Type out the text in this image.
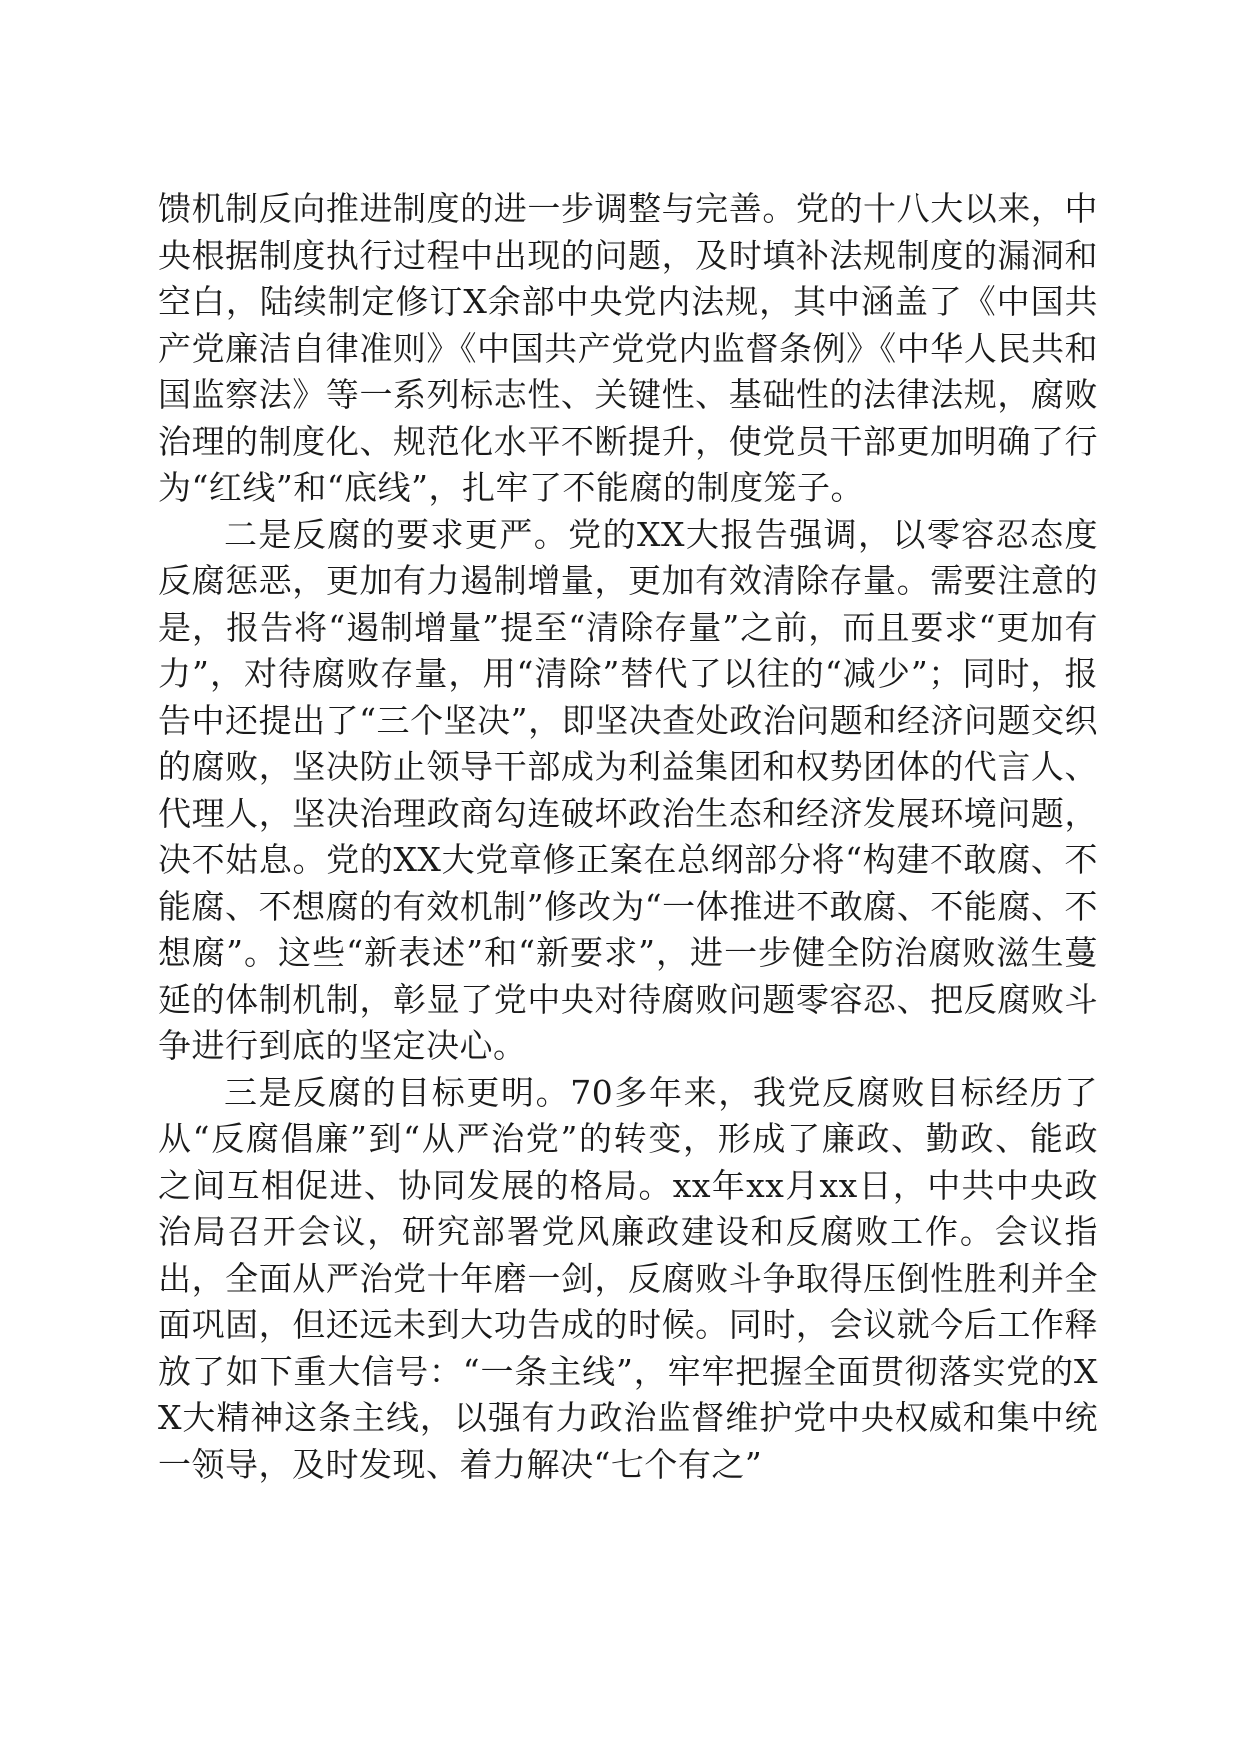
馈机制反向推进制度的进一步调整与完善。党的十八大以来，中央根据制度执行过程中出现的问题，及时填补法规制度的漏洞和空白，陆续制定修订X余部中央党内法规，其中涵盖了《中国共产党廉洁自律准则》《中国共产党党内监督条例》《中华人民共和国监察法》等一系列标志性、关键性、基础性的法律法规，腐败治理的制度化、规范化水平不断提升，使党员干部更加明确了行为“红线”和“底线”，扎牢了不能腐的制度笼子。

二是反腐的要求更严。党的XX大报告强调，以零容忍态度反腐惩恶，更加有力遏制增量，更加有效清除存量。需要注意的是，报告将“遏制增量”提至“清除存量”之前，而且要求“更加有力”，对待腐败存量，用“清除”替代了以往的“减少”；同时，报告中还提出了“三个坚决”，即坚决查处政治问题和经济问题交织的腐败，坚决防止领导干部成为利益集团和权势团体的代言人、代理人，坚决治理政商勾连破坏政治生态和经济发展环境问题，决不姑息。党的XX大党章修正案在总纲部分将“构建不敢腐、不能腐、不想腐的有效机制”修改为“一体推进不敢腐、不能腐、不想腐”。这些“新表述”和“新要求”，进一步健全防治腐败滋生蔓延的体制机制，彰显了党中央对待腐败问题零容忍、把反腐败斗争进行到底的坚定决心。

三是反腐的目标更明。70多年来，我党反腐败目标经历了从“反腐倡廉”到“从严治党”的转变，形成了廉政、勤政、能政之间互相促进、协同发展的格局。xx年xx月xx日，中共中央政治局召开会议，研究部署党风廉政建设和反腐败工作。会议指出，全面从严治党十年磨一剑，反腐败斗争取得压倒性胜利并全面巩固，但还远未到大功告成的时候。同时，会议就今后工作释放了如下重大信号：“一条主线”，牢牢把握全面贯彻落实党的XX大精神这条主线，以强有力政治监督维护党中央权威和集中统一领导，及时发现、着力解决“七个有之”
